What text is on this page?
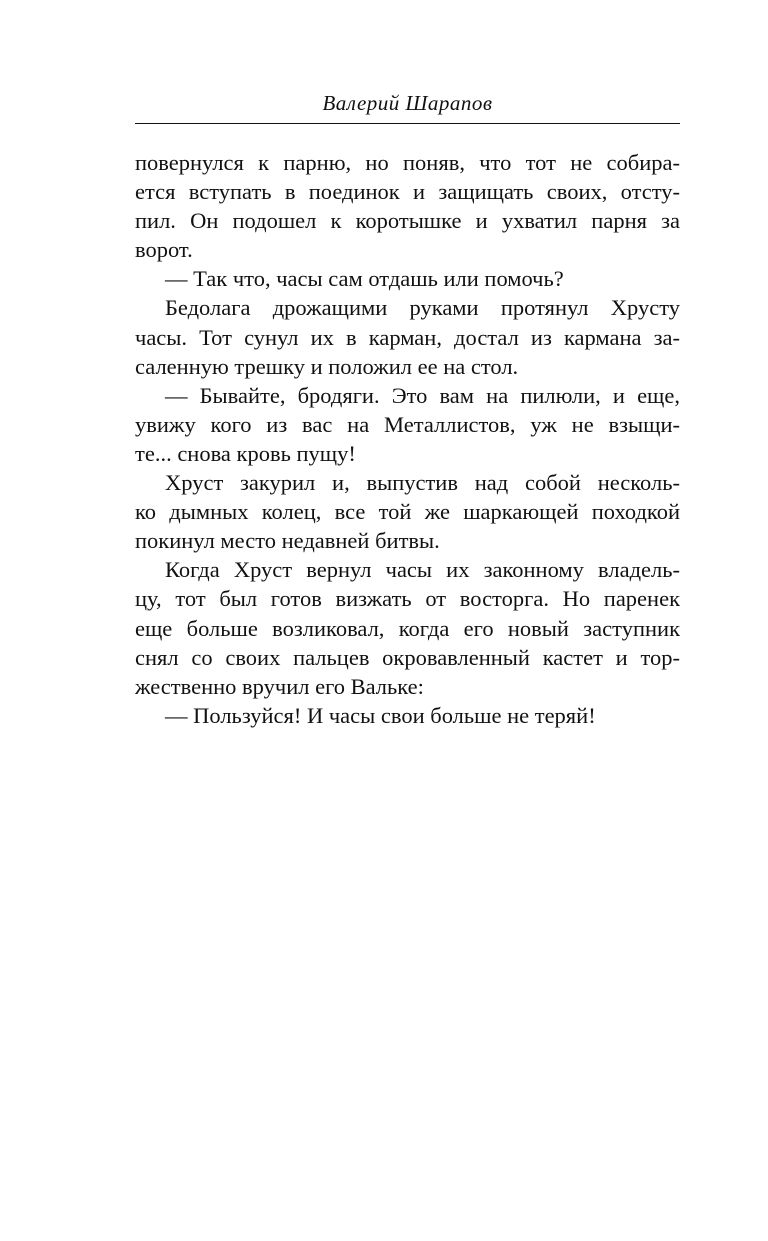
Валерий Шарапов
повернулся к парню, но поняв, что тот не собира-
ется вступать в поединок и защищать своих, отсту-
пил. Он подошел к коротышке и ухватил парня за
ворот.
— Так что, часы сам отдашь или помочь?
Бедолага дрожащими руками протянул Хрусту
часы. Тот сунул их в карман, достал из кармана за-
саленную трешку и положил ее на стол.
— Бывайте, бродяги. Это вам на пилюли, и еще,
увижу кого из вас на Металлистов, уж не взыщи-
те... снова кровь пущу!
Хруст закурил и, выпустив над собой несколь-
ко дымных колец, все той же шаркающей походкой
покинул место недавней битвы.
Когда Хруст вернул часы их законному владель-
цу, тот был готов визжать от восторга. Но паренек
еще больше возликовал, когда его новый заступник
снял со своих пальцев окровавленный кастет и тор-
жественно вручил его Вальке:
— Пользуйся! И часы свои больше не теряй!
